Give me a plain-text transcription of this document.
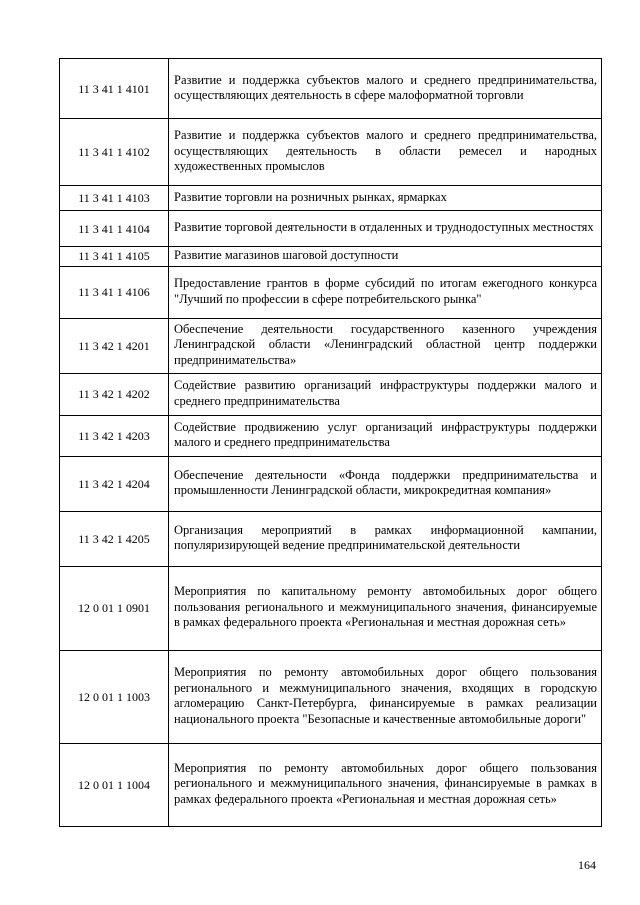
11 3 41 1 4101	Развитие и поддержка субъектов малого и среднего предпринимательства, осуществляющих деятельность в сфере малоформатной торговли
11 3 41 1 4102	Развитие и поддержка субъектов малого и среднего предпринимательства, осуществляющих деятельность в области ремесел и народных художественных промыслов
11 3 41 1 4103	Развитие торговли на розничных рынках, ярмарках
11 3 41 1 4104	Развитие торговой деятельности в отдаленных и труднодоступных местностях
11 3 41 1 4105	Развитие магазинов шаговой доступности
11 3 41 1 4106	Предоставление грантов в форме субсидий по итогам ежегодного конкурса "Лучший по профессии в сфере потребительского рынка"
11 3 42 1 4201	Обеспечение деятельности государственного казенного учреждения Ленинградской области «Ленинградский областной центр поддержки предпринимательства»
11 3 42 1 4202	Содействие развитию организаций инфраструктуры поддержки малого и среднего предпринимательства
11 3 42 1 4203	Содействие продвижению услуг организаций инфраструктуры поддержки малого и среднего предпринимательства
11 3 42 1 4204	Обеспечение деятельности «Фонда поддержки предпринимательства и промышленности Ленинградской области, микрокредитная компания»
11 3 42 1 4205	Организация мероприятий в рамках информационной кампании, популяризирующей ведение предпринимательской деятельности
12 0 01 1 0901	Мероприятия по капитальному ремонту автомобильных дорог общего пользования регионального и межмуниципального значения, финансируемые в рамках федерального проекта «Региональная и местная дорожная сеть»
12 0 01 1 1003	Мероприятия по ремонту автомобильных дорог общего пользования регионального и межмуниципального значения, входящих в городскую агломерацию Санкт-Петербурга, финансируемые в рамках реализации национального проекта "Безопасные и качественные автомобильные дороги"
12 0 01 1 1004	Мероприятия по ремонту автомобильных дорог общего пользования регионального и межмуниципального значения, финансируемые в рамках в рамках федерального проекта «Региональная и местная дорожная сеть»
164
